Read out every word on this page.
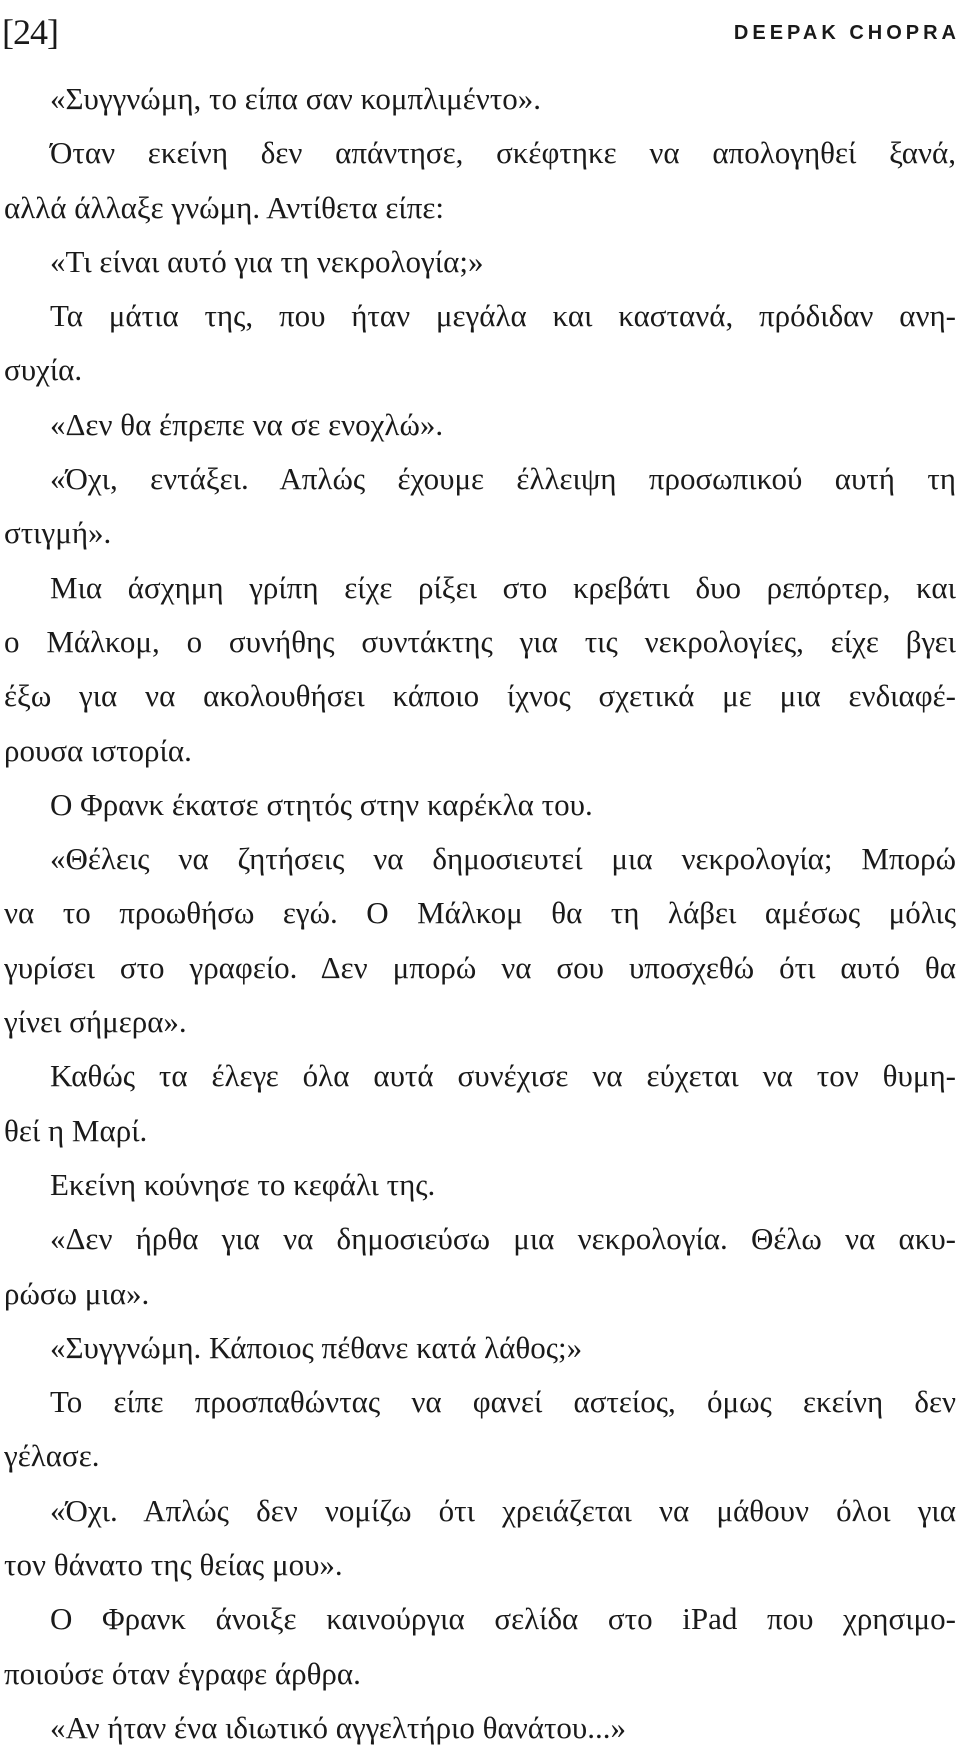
[24]	DEEPAK CHOPRA
«Συγγνώμη, το είπα σαν κομπλιμέντο».
Όταν εκείνη δεν απάντησε, σκέφτηκε να απολογηθεί ξανά,
αλλά άλλαξε γνώμη. Αντίθετα είπε:
«Τι είναι αυτό για τη νεκρολογία;»
Τα μάτια της, που ήταν μεγάλα και καστανά, πρόδιδαν ανη-
συχία.
«Δεν θα έπρεπε να σε ενοχλώ».
«Όχι, εντάξει. Απλώς έχουμε έλλειψη προσωπικού αυτή τη
στιγμή».
Μια άσχημη γρίπη είχε ρίξει στο κρεβάτι δυο ρεπόρτερ, και
ο Μάλκομ, ο συνήθης συντάκτης για τις νεκρολογίες, είχε βγει
έξω για να ακολουθήσει κάποιο ίχνος σχετικά με μια ενδιαφέ-
ρουσα ιστορία.
Ο Φρανκ έκατσε στητός στην καρέκλα του.
«Θέλεις να ζητήσεις να δημοσιευτεί μια νεκρολογία; Μπορώ
να το προωθήσω εγώ. Ο Μάλκομ θα τη λάβει αμέσως μόλις
γυρίσει στο γραφείο. Δεν μπορώ να σου υποσχεθώ ότι αυτό θα
γίνει σήμερα».
Καθώς τα έλεγε όλα αυτά συνέχισε να εύχεται να τον θυμη-
θεί η Μαρί.
Εκείνη κούνησε το κεφάλι της.
«Δεν ήρθα για να δημοσιεύσω μια νεκρολογία. Θέλω να ακυ-
ρώσω μια».
«Συγγνώμη. Κάποιος πέθανε κατά λάθος;»
Το είπε προσπαθώντας να φανεί αστείος, όμως εκείνη δεν
γέλασε.
«Όχι. Απλώς δεν νομίζω ότι χρειάζεται να μάθουν όλοι για
τον θάνατο της θείας μου».
Ο Φρανκ άνοιξε καινούργια σελίδα στο iPad που χρησιμο-
ποιούσε όταν έγραφε άρθρα.
«Αν ήταν ένα ιδιωτικό αγγελτήριο θανάτου...»
